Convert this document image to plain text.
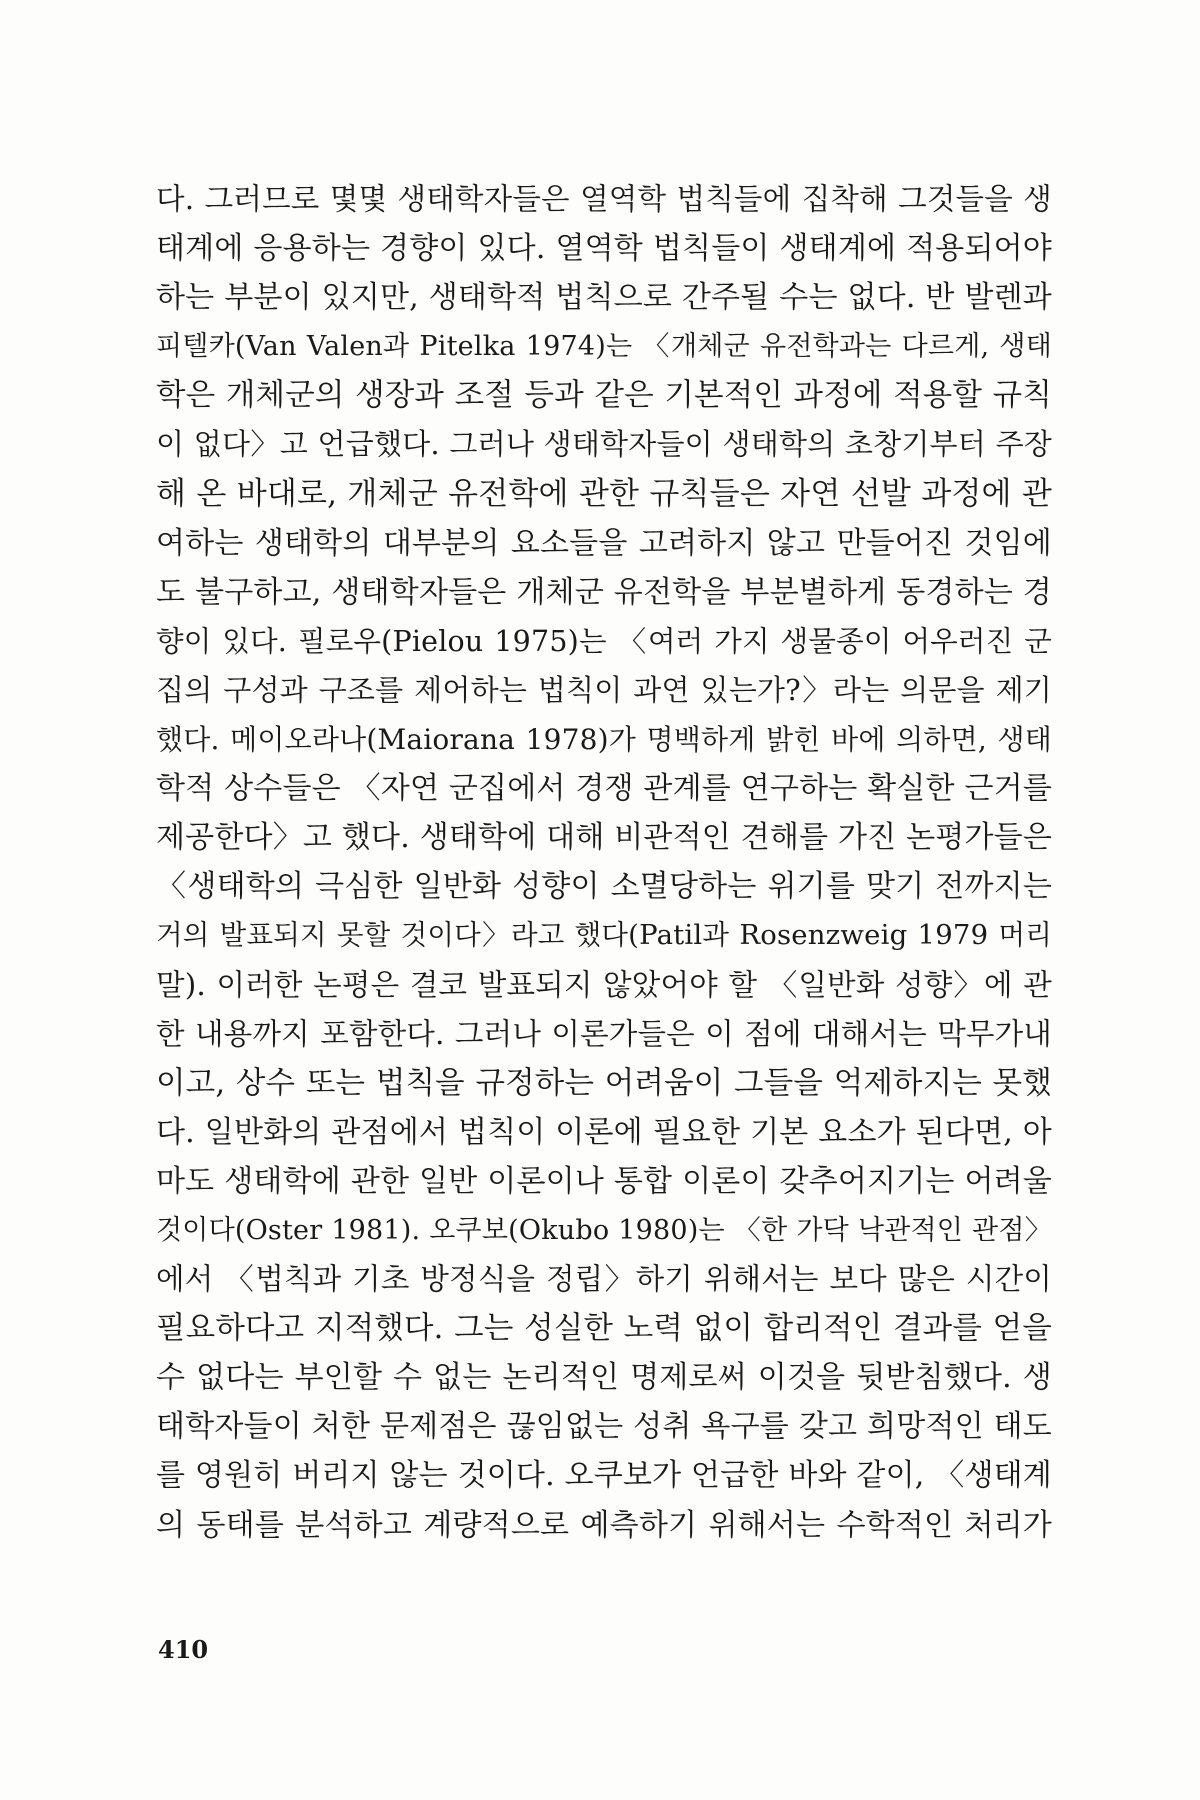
다. 그러므로 몇몇 생태학자들은 열역학 법칙들에 집착해 그것들을 생
태계에 응용하는 경향이 있다. 열역학 법칙들이 생태계에 적용되어야
하는 부분이 있지만, 생태학적 법칙으로 간주될 수는 없다. 반 발렌과
피텔카(Van Valen과 Pitelka 1974)는 〈개체군 유전학과는 다르게, 생태
학은 개체군의 생장과 조절 등과 같은 기본적인 과정에 적용할 규칙
이 없다〉고 언급했다. 그러나 생태학자들이 생태학의 초창기부터 주장
해 온 바대로, 개체군 유전학에 관한 규칙들은 자연 선발 과정에 관
여하는 생태학의 대부분의 요소들을 고려하지 않고 만들어진 것임에
도 불구하고, 생태학자들은 개체군 유전학을 부분별하게 동경하는 경
향이 있다. 필로우(Pielou 1975)는 〈여러 가지 생물종이 어우러진 군
집의 구성과 구조를 제어하는 법칙이 과연 있는가?〉라는 의문을 제기
했다. 메이오라나(Maiorana 1978)가 명백하게 밝힌 바에 의하면, 생태
학적 상수들은 〈자연 군집에서 경쟁 관계를 연구하는 확실한 근거를
제공한다〉고 했다. 생태학에 대해 비관적인 견해를 가진 논평가들은
〈생태학의 극심한 일반화 성향이 소멸당하는 위기를 맞기 전까지는
거의 발표되지 못할 것이다〉라고 했다(Patil과 Rosenzweig 1979 머리
말). 이러한 논평은 결코 발표되지 않았어야 할 〈일반화 성향〉에 관
한 내용까지 포함한다. 그러나 이론가들은 이 점에 대해서는 막무가내
이고, 상수 또는 법칙을 규정하는 어려움이 그들을 억제하지는 못했
다. 일반화의 관점에서 법칙이 이론에 필요한 기본 요소가 된다면, 아
마도 생태학에 관한 일반 이론이나 통합 이론이 갖추어지기는 어려울
것이다(Oster 1981). 오쿠보(Okubo 1980)는 〈한 가닥 낙관적인 관점〉
에서 〈법칙과 기초 방정식을 정립〉하기 위해서는 보다 많은 시간이
필요하다고 지적했다. 그는 성실한 노력 없이 합리적인 결과를 얻을
수 없다는 부인할 수 없는 논리적인 명제로써 이것을 뒷받침했다. 생
태학자들이 처한 문제점은 끊임없는 성취 욕구를 갖고 희망적인 태도
를 영원히 버리지 않는 것이다. 오쿠보가 언급한 바와 같이, 〈생태계
의 동태를 분석하고 계량적으로 예측하기 위해서는 수학적인 처리가
410
